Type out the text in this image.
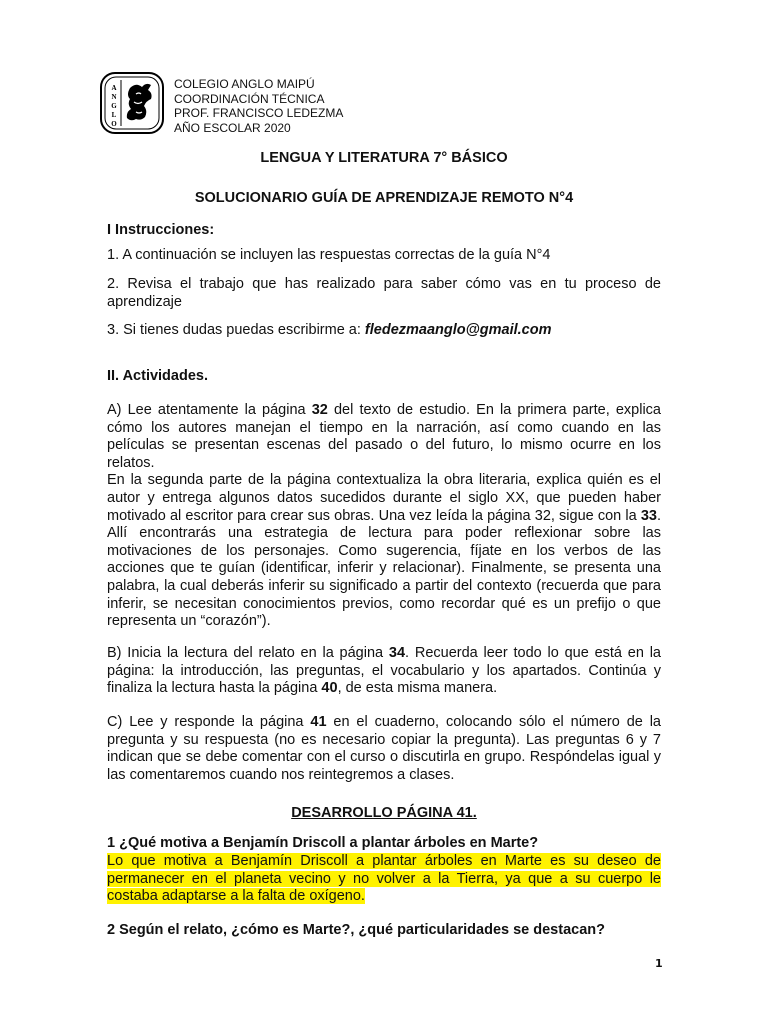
A
N
G
L
O
COLEGIO ANGLO MAIPÚ
COORDINACIÓN TÉCNICA
PROF. FRANCISCO LEDEZMA
AÑO ESCOLAR 2020
LENGUA Y LITERATURA 7° BÁSICO
SOLUCIONARIO GUÍA DE APRENDIZAJE REMOTO N°4
I Instrucciones:
1. A continuación se incluyen las respuestas correctas de la guía N°4
2. Revisa el trabajo que has realizado para saber cómo vas en tu proceso de aprendizaje
3. Si tienes dudas puedas escribirme a: fledezmaanglo@gmail.com
II. Actividades.
A) Lee atentamente la página 32 del texto de estudio. En la primera parte, explica cómo los autores manejan el tiempo en la narración, así como cuando en las películas se presentan escenas del pasado o del futuro, lo mismo ocurre en los relatos.
En la segunda parte de la página contextualiza la obra literaria, explica quién es el autor y entrega algunos datos sucedidos durante el siglo XX, que pueden haber motivado al escritor para crear sus obras. Una vez leída la página 32, sigue con la 33. Allí encontrarás una estrategia de lectura para poder reflexionar sobre las motivaciones de los personajes. Como sugerencia, fíjate en los verbos de las acciones que te guían (identificar, inferir y relacionar). Finalmente, se presenta una palabra, la cual deberás inferir su significado a partir del contexto (recuerda que para inferir, se necesitan conocimientos previos, como recordar qué es un prefijo o que representa un “corazón”).
B) Inicia la lectura del relato en la página 34. Recuerda leer todo lo que está en la página: la introducción, las preguntas, el vocabulario y los apartados. Continúa y finaliza la lectura hasta la página 40, de esta misma manera.
C) Lee y responde la página 41 en el cuaderno, colocando sólo el número de la pregunta y su respuesta (no es necesario copiar la pregunta). Las preguntas 6 y 7 indican que se debe comentar con el curso o discutirla en grupo. Respóndelas igual y las comentaremos cuando nos reintegremos a clases.
DESARROLLO PÁGINA 41.
1 ¿Qué motiva a Benjamín Driscoll a plantar árboles en Marte?
Lo que motiva a Benjamín Driscoll a plantar árboles en Marte es su deseo de permanecer en el planeta vecino y no volver a la Tierra, ya que a su cuerpo le costaba adaptarse a la falta de oxígeno.
2 Según el relato, ¿cómo es Marte?, ¿qué particularidades se destacan?
1
